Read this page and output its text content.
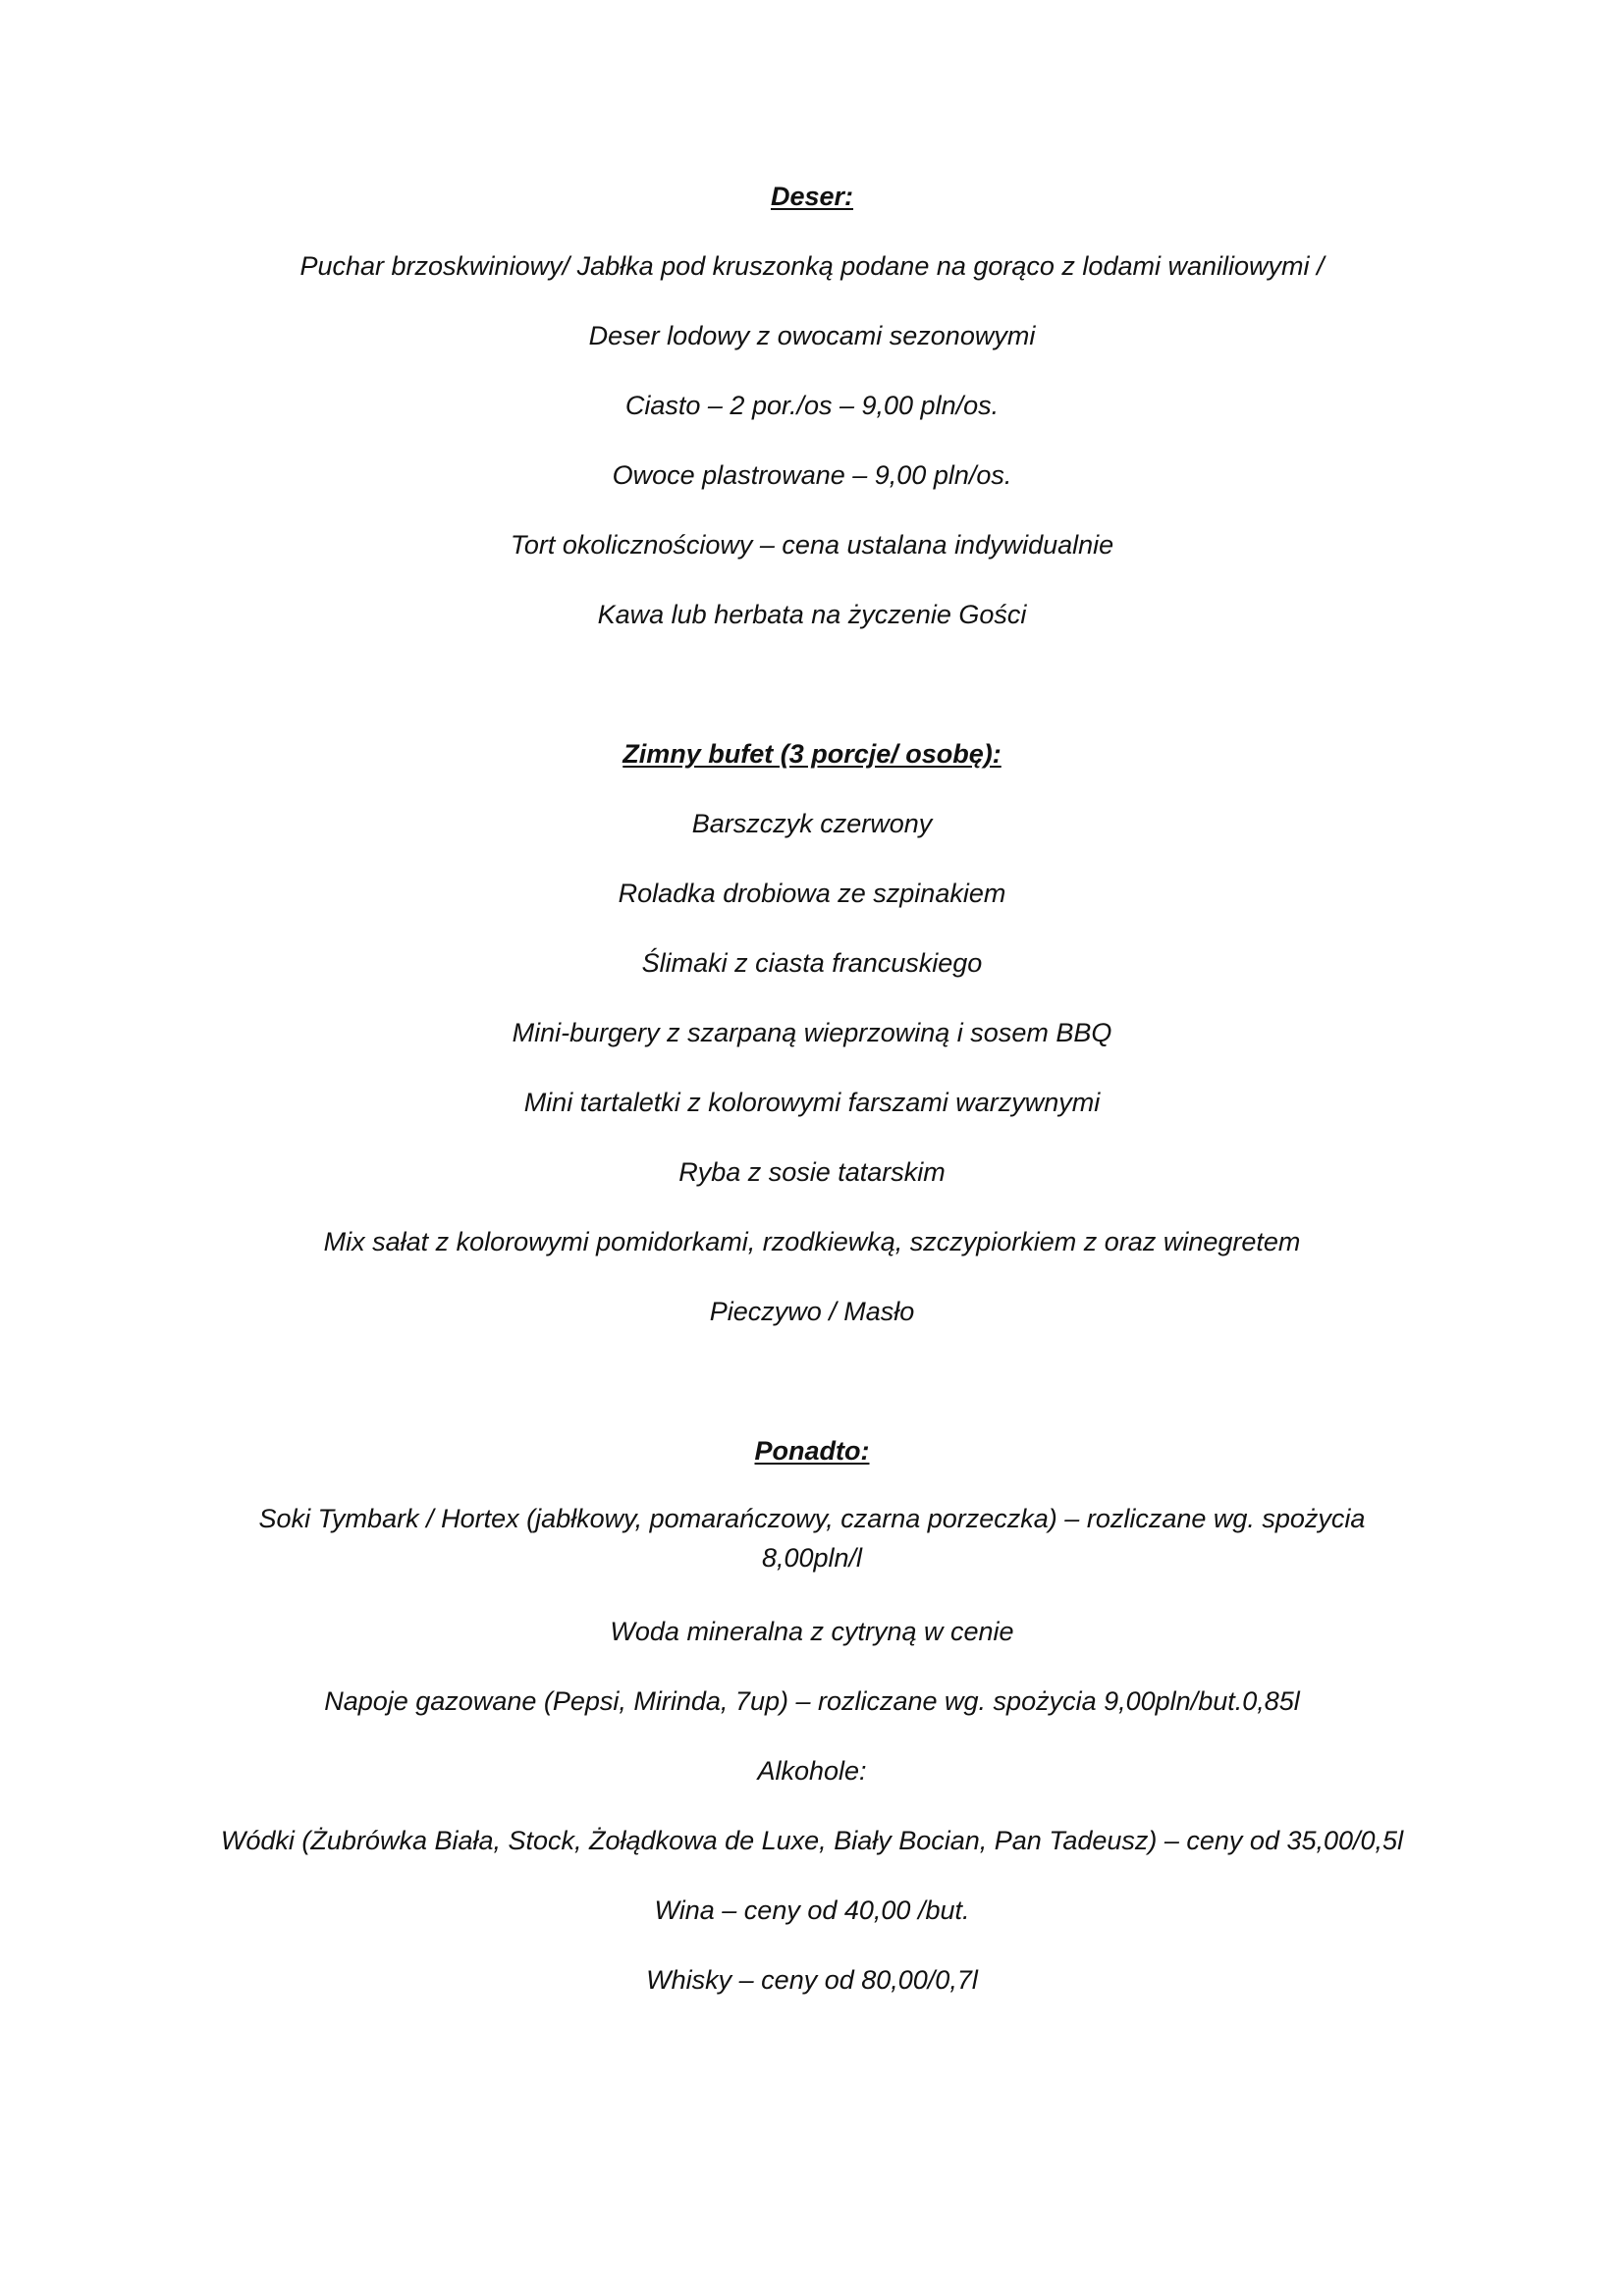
Deser:
Puchar brzoskwiniowy/ Jabłka pod kruszonką podane na gorąco z lodami waniliowymi /
Deser lodowy z owocami sezonowymi
Ciasto – 2 por./os – 9,00 pln/os.
Owoce plastrowane – 9,00 pln/os.
Tort okolicznościowy – cena ustalana indywidualnie
Kawa lub herbata na życzenie Gości
Zimny bufet (3 porcje/ osobę):
Barszczyk czerwony
Roladka drobiowa ze szpinakiem
Ślimaki z ciasta francuskiego
Mini-burgery z szarpaną wieprzowiną i sosem BBQ
Mini tartaletki z kolorowymi farszami warzywnymi
Ryba z sosie tatarskim
Mix sałat z kolorowymi pomidorkami, rzodkiewką, szczypiorkiem z oraz winegretem
Pieczywo / Masło
Ponadto:
Soki Tymbark / Hortex (jabłkowy, pomarańczowy, czarna porzeczka) – rozliczane wg. spożycia 8,00pln/l
Woda mineralna z cytryną w cenie
Napoje gazowane (Pepsi, Mirinda, 7up) – rozliczane wg. spożycia 9,00pln/but.0,85l
Alkohole:
Wódki (Żubrówka Biała, Stock, Żołądkowa de Luxe, Biały Bocian, Pan Tadeusz) – ceny od 35,00/0,5l
Wina – ceny od 40,00 /but.
Whisky – ceny od 80,00/0,7l
